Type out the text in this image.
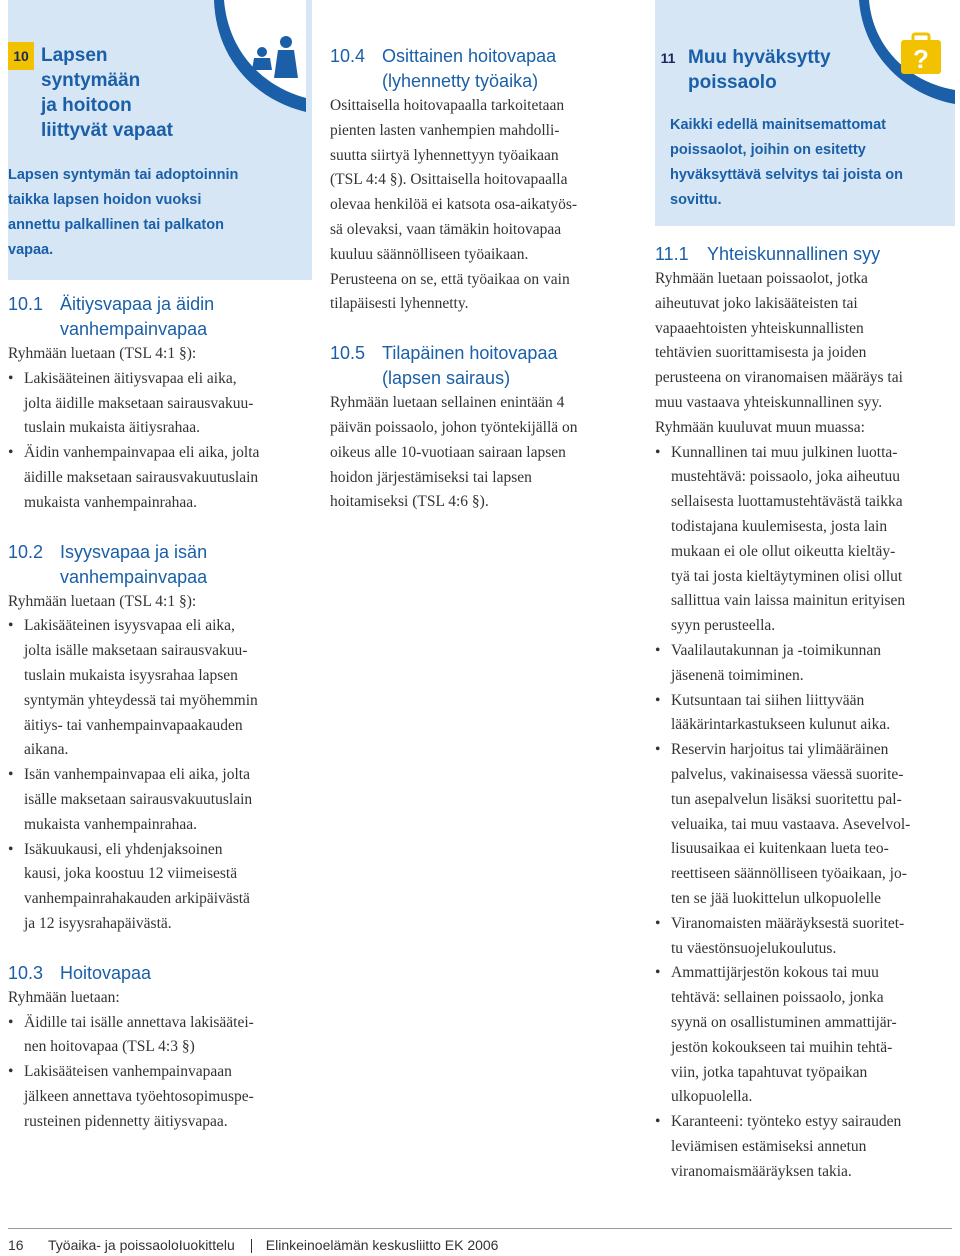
10 Lapsen
syntymään
ja hoitoon
liittyvät vapaat
Lapsen syntymän tai adoptoinnin
taikka lapsen hoidon vuoksi
annettu palkallinen tai palkaton
vapaa.
10.1 Äitiysvapaa ja äidin
vanhempainvapaa

Ryhmään luetaan (TSL 4:1 §):

• Lakisääteinen äitiysvapaa eli aika,
jolta äidille maksetaan sairausvakuu-
tuslain mukaista äitiysrahaa.
• Äidin vanhempainvapaa eli aika, jolta
äidille maksetaan sairausvakuutuslain
mukaista vanhempainrahaa.
10.2 Isyysvapaa ja isän
vanhempainvapaa

Ryhmään luetaan (TSL 4:1 §):

• Lakisääteinen isyysvapaa eli aika,
jolta isälle maksetaan sairausvakuu-
tuslain mukaista isyysrahaa lapsen
syntymän yhteydessä tai myöhemmin
äitiys- tai vanhempainvapaakauden
aikana.
• Isän vanhempainvapaa eli aika, jolta
isälle maksetaan sairausvakuutuslain
mukaista vanhempainrahaa.
• Isäkuukausi, eli yhdenjaksoinen
kausi, joka koostuu 12 viimeisestä
vanhempainrahakauden arkipäivästä
ja 12 isyysrahapäivästä.
10.3 Hoitovapaa

Ryhmään luetaan:

• Äidille tai isälle annettava lakisäätei-
nen hoitovapaa (TSL 4:3 §)
• Lakisääteisen vanhempainvapaan
jälkeen annettava työehtosopimuspe-
rusteinen pidennetty äitiysvapaa.
10.4 Osittainen hoitovapaa
(lyhennetty työaika)

Osittaisella hoitovapaalla tarkoitetaan
pienten lasten vanhempien mahdolli-
suutta siirtyä lyhennettyyn työaikaan
(TSL 4:4 §). Osittaisella hoitovapaalla
olevaa henkilöä ei katsota osa-aikatyös-
sä olevaksi, vaan tämäkin hoitovapaa
kuuluu säännölliseen työaikaan.
Perusteena on se, että työaikaa on vain
tilapäisesti lyhennetty.

10.5 Tilapäinen hoitovapaa
(lapsen sairaus)

Ryhmään luetaan sellainen enintään 4
päivän poissaolo, johon työntekijällä on
oikeus alle 10-vuotiaan sairaan lapsen
hoidon järjestämiseksi tai lapsen
hoitamiseksi (TSL 4:6 §).

11 Muu hyväksytty
poissaolo
Kaikki edellä mainitsemattomat
poissaolot, joihin on esitetty
hyväksyttävä selvitys tai joista on
sovittu.
?
11.1 Yhteiskunnallinen syy

Ryhmään luetaan poissaolot, jotka
aiheutuvat joko lakisääteisten tai
vapaaehtoisten yhteiskunnallisten
tehtävien suorittamisesta ja joiden
perusteena on viranomaisen määräys tai
muu vastaava yhteiskunnallinen syy.
Ryhmään kuuluvat muun muassa:

• Kunnallinen tai muu julkinen luotta-
mustehtävä: poissaolo, joka aiheutuu
sellaisesta luottamustehtävästä taikka
todistajana kuulemisesta, josta lain
mukaan ei ole ollut oikeutta kieltäy-
tyä tai josta kieltäytyminen olisi ollut
sallittua vain laissa mainitun erityisen
syyn perusteella.
• Vaalilautakunnan ja -toimikunnan
jäsenenä toimiminen.
• Kutsuntaan tai siihen liittyvään
lääkärintarkastukseen kulunut aika.
• Reservin harjoitus tai ylimääräinen
palvelus, vakinaisessa väessä suorite-
tun asepalvelun lisäksi suoritettu pal-
veluaika, tai muu vastaava. Asevelvol-
lisuusaikaa ei kuitenkaan lueta teo-
reettiseen säännölliseen työaikaan, jo-
ten se jää luokittelun ulkopuolelle
• Viranomaisten määräyksestä suoritet-
tu väestönsuojelukoulutus.
• Ammattijärjestön kokous tai muu
tehtävä: sellainen poissaolo, jonka
syynä on osallistuminen ammattijär-
jestön kokoukseen tai muihin tehtä-
viin, jotka tapahtuvat työpaikan
ulkopuolella.
• Karanteeni: työnteko estyy sairauden
leviämisen estämiseksi annetun
viranomaismääräyksen takia.
16	Työaika- ja poissaoloIuokittelu Elinkeinoelämän keskusliitto EK 2006
